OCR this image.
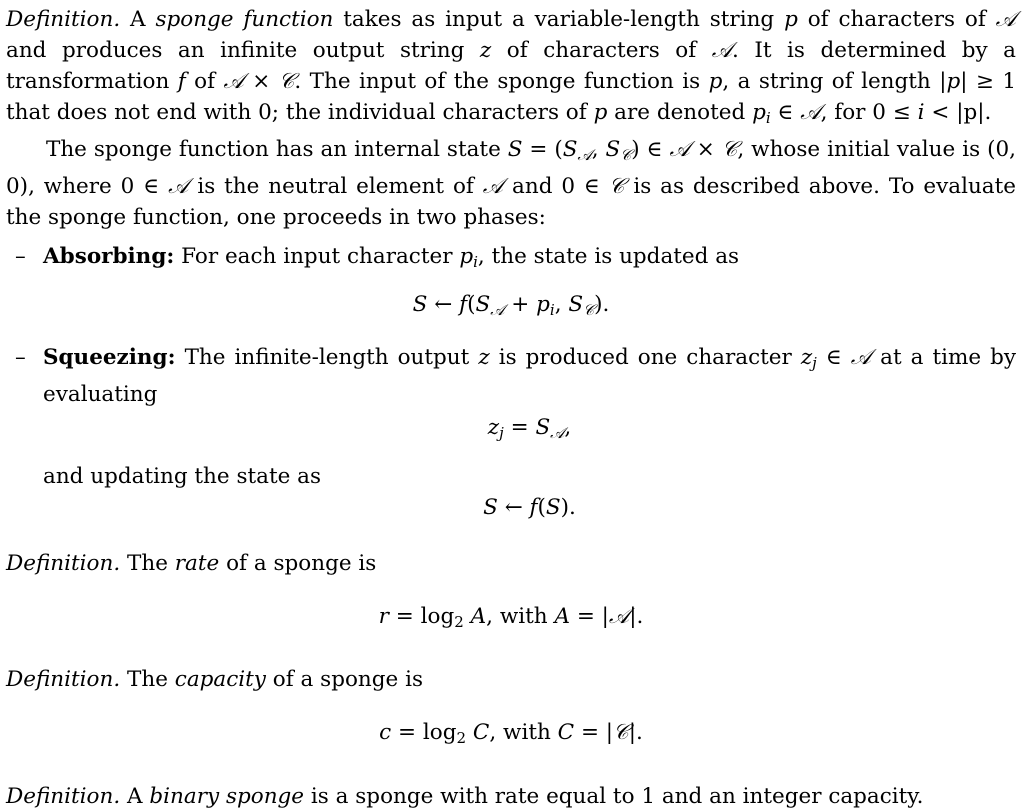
Definition. A sponge function takes as input a variable-length string p of characters of 𝒜 and produces an infinite output string z of characters of 𝒜. It is determined by a transformation f of 𝒜 × 𝒞. The input of the sponge function is p, a string of length |p| ≥ 1 that does not end with 0; the individual characters of p are denoted $p_i$ ∈ 𝒜, for 0 ≤ i < |p|.

The sponge function has an internal state $S = (S_𝒜$, $S_𝒞$) ∈ 𝒜 × 𝒞, whose initial value is (0, 0), where 0 ∈ 𝒜 is the neutral element of 𝒜 and 0 ∈ 𝒞 is as described above. To evaluate the sponge function, one proceeds in two phases:

– Absorbing: For each input character $p_i$, the state is updated as

S ← $f(S_𝒜 + p_i$, $S_𝒞$).

– Squeezing: The infinite-length output z is produced one character $z_j$ ∈ 𝒜 at a time by evaluating

$z_j = S_𝒜$,

and updating the state as

S ← f(S).

Definition. The rate of a sponge is

$r = \log_2 A$, with A = |𝒜|.

Definition. The capacity of a sponge is

$c = \log_2 C$, with C = |𝒞|.

Definition. A binary sponge is a sponge with rate equal to 1 and an integer capacity.
